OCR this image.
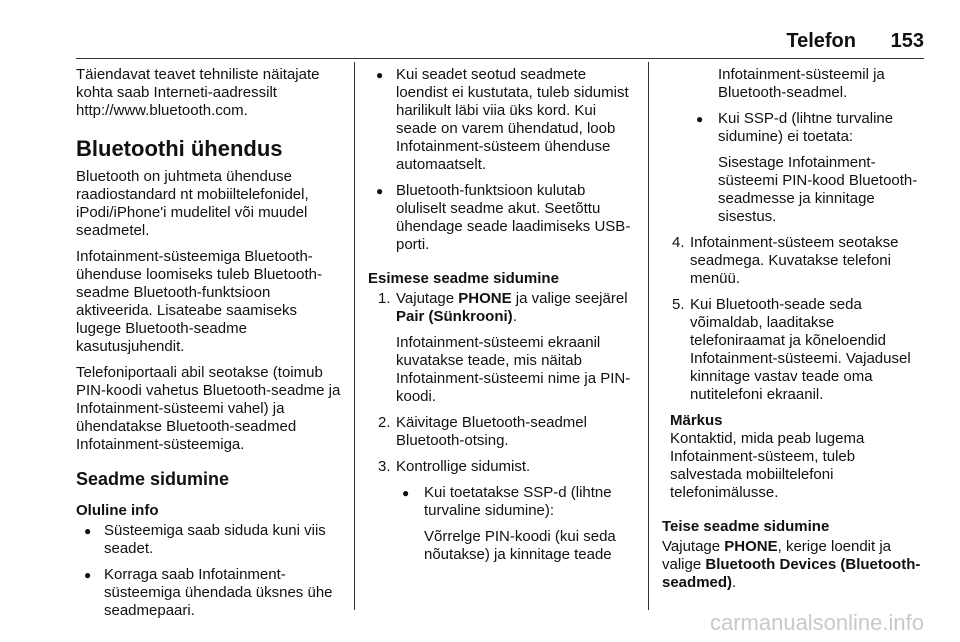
Telefon 153

Täiendavat teavet tehniliste näitajate kohta saab Interneti-aadressilt http://www.bluetooth.com.

Bluetoothi ühendus

Bluetooth on juhtmeta ühenduse raadiostandard nt mobiiltelefonidel, iPodi/iPhone'i mudelitel või muudel seadmetel.

Infotainment-süsteemiga Bluetooth-ühenduse loomiseks tuleb Bluetooth-seadme Bluetooth-funktsioon aktiveerida. Lisateabe saamiseks lugege Bluetooth-seadme kasutusjuhendit.

Telefoniportaali abil seotakse (toimub PIN-koodi vahetus Bluetooth-seadme ja Infotainment-süsteemi vahel) ja ühendatakse Bluetooth-seadmed Infotainment-süsteemiga.

Seadme sidumine
Oluline info
● Süsteemiga saab siduda kuni viis seadet.
● Korraga saab Infotainment-süsteemiga ühendada üksnes ühe seadmepaari.
● Kui seadet seotud seadmete loendist ei kustutata, tuleb sidumist harilikult läbi viia üks kord. Kui seade on varem ühendatud, loob Infotainment-süsteem ühenduse automaatselt.
● Bluetooth-funktsioon kulutab oluliselt seadme akut. Seetõttu ühendage seade laadimiseks USB-porti.
Esimese seadme sidumine
1. Vajutage PHONE ja valige seejärel Pair (Sünkrooni).

Infotainment-süsteemi ekraanil kuvatakse teade, mis näitab Infotainment-süsteemi nime ja PIN-koodi.

2. Käivitage Bluetooth-seadmel Bluetooth-otsing.
3. Kontrollige sidumist.
● Kui toetatakse SSP-d (lihtne turvaline sidumine):

Võrrelge PIN-koodi (kui seda nõutakse) ja kinnitage teade

Infotainment-süsteemil ja Bluetooth-seadmel.

● Kui SSP-d (lihtne turvaline sidumine) ei toetata:

Sisestage Infotainment-süsteemi PIN-kood Bluetooth-seadmesse ja kinnitage sisestus.

4. Infotainment-süsteem seotakse seadmega. Kuvatakse telefoni menüü.
5. Kui Bluetooth-seade seda võimaldab, laaditakse telefoniraamat ja kõneloendid Infotainment-süsteemi. Vajadusel kinnitage vastav teade oma nutitelefoni ekraanil.
Märkus
Kontaktid, mida peab lugema Infotainment-süsteem, tuleb salvestada mobiiltelefoni telefonimälusse.
Teise seadme sidumine

Vajutage PHONE, kerige loendit ja valige Bluetooth Devices (Bluetooth-seadmed).

carmanualsonline.info
